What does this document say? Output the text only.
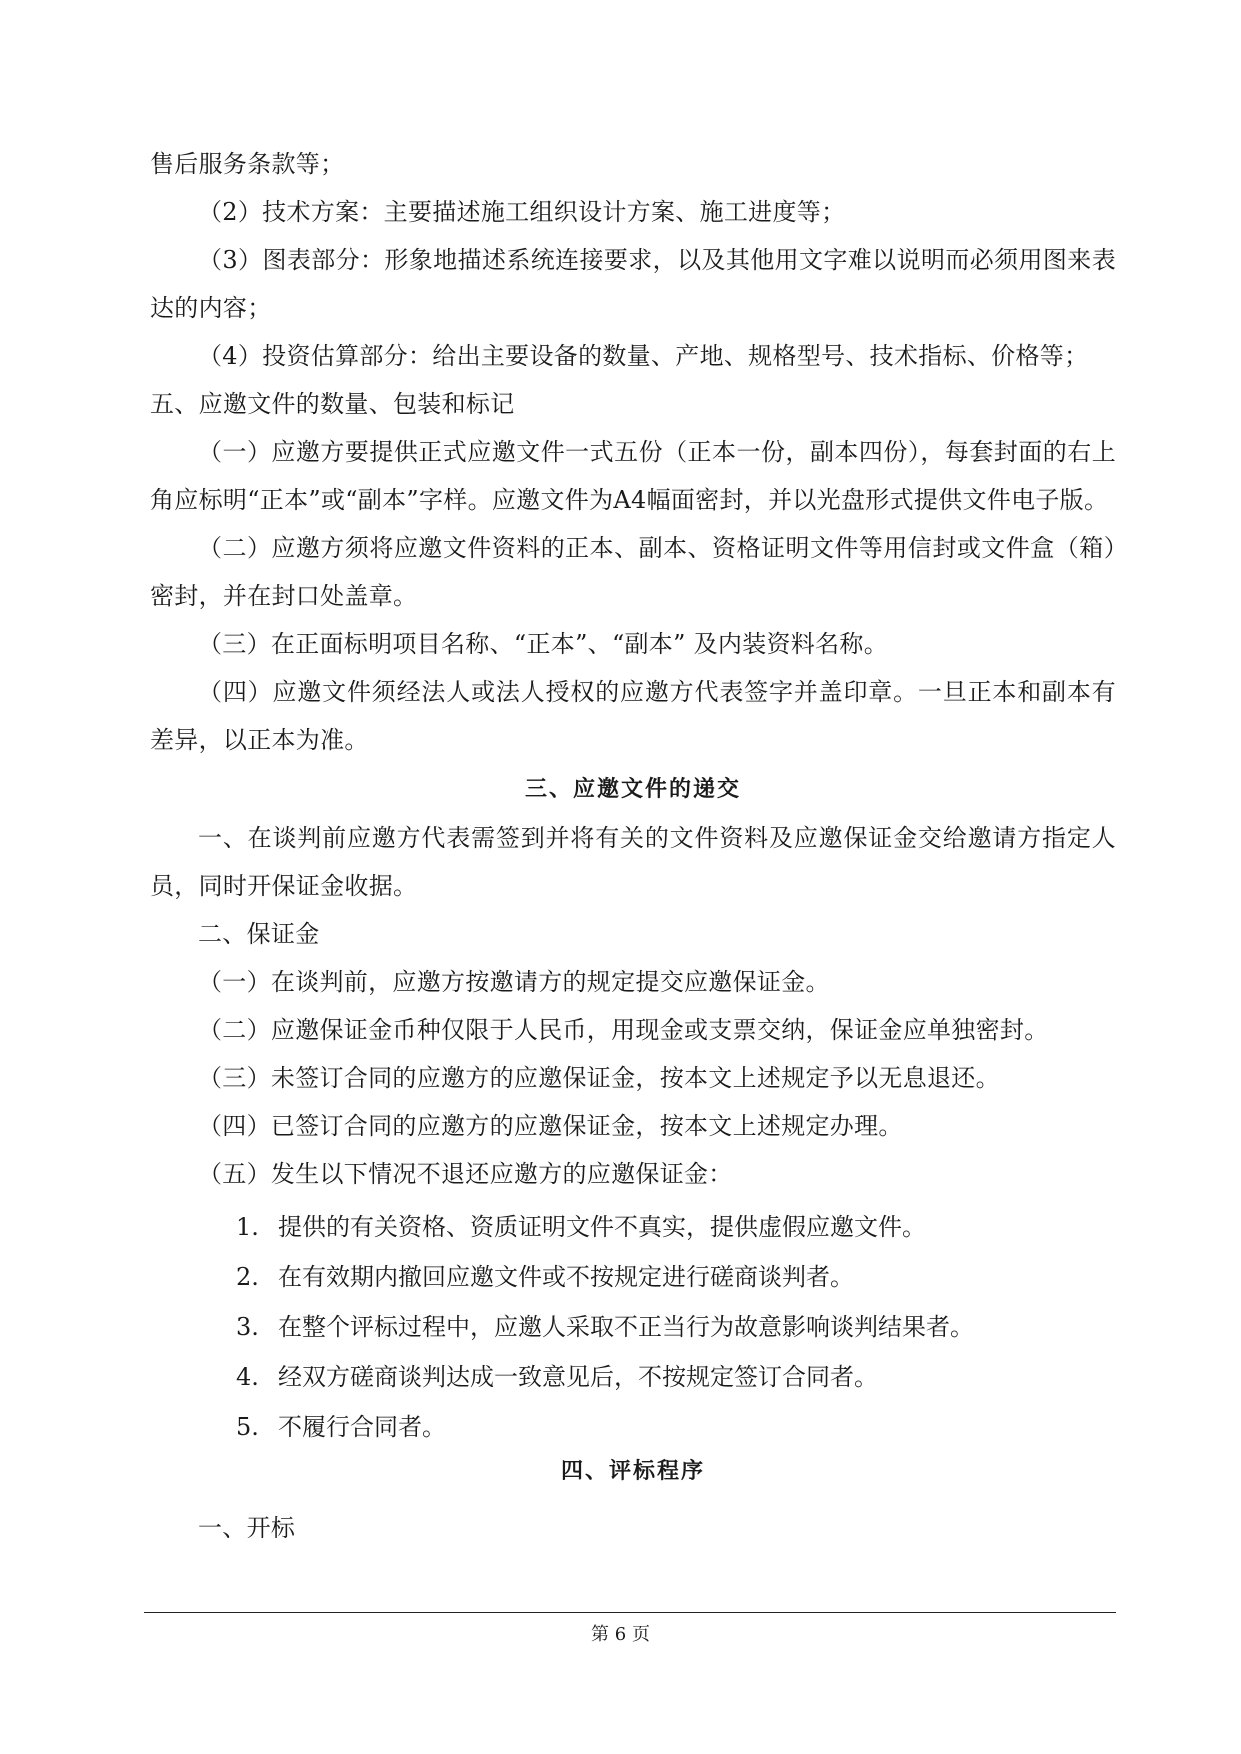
售后服务条款等；

（2）技术方案：主要描述施工组织设计方案、施工进度等；

（3）图表部分：形象地描述系统连接要求，以及其他用文字难以说明而必须用图来表达的内容；

（4）投资估算部分：给出主要设备的数量、产地、规格型号、技术指标、价格等；

五、应邀文件的数量、包装和标记

（一）应邀方要提供正式应邀文件一式五份（正本一份，副本四份），每套封面的右上角应标明“正本”或“副本”字样。应邀文件为A4幅面密封，并以光盘形式提供文件电子版。

（二）应邀方须将应邀文件资料的正本、副本、资格证明文件等用信封或文件盒（箱）密封，并在封口处盖章。

（三）在正面标明项目名称、“正本”、“副本” 及内装资料名称。

（四）应邀文件须经法人或法人授权的应邀方代表签字并盖印章。一旦正本和副本有差异，以正本为准。

三、应邀文件的递交

一、在谈判前应邀方代表需签到并将有关的文件资料及应邀保证金交给邀请方指定人员，同时开保证金收据。

二、保证金

（一）在谈判前，应邀方按邀请方的规定提交应邀保证金。

（二）应邀保证金币种仅限于人民币，用现金或支票交纳，保证金应单独密封。

（三）未签订合同的应邀方的应邀保证金，按本文上述规定予以无息退还。

（四）已签订合同的应邀方的应邀保证金，按本文上述规定办理。

（五）发生以下情况不退还应邀方的应邀保证金：

1. 提供的有关资格、资质证明文件不真实，提供虚假应邀文件。
2. 在有效期内撤回应邀文件或不按规定进行磋商谈判者。
3. 在整个评标过程中，应邀人采取不正当行为故意影响谈判结果者。
4. 经双方磋商谈判达成一致意见后，不按规定签订合同者。
5. 不履行合同者。
四、评标程序

一、开标

第 6 页
